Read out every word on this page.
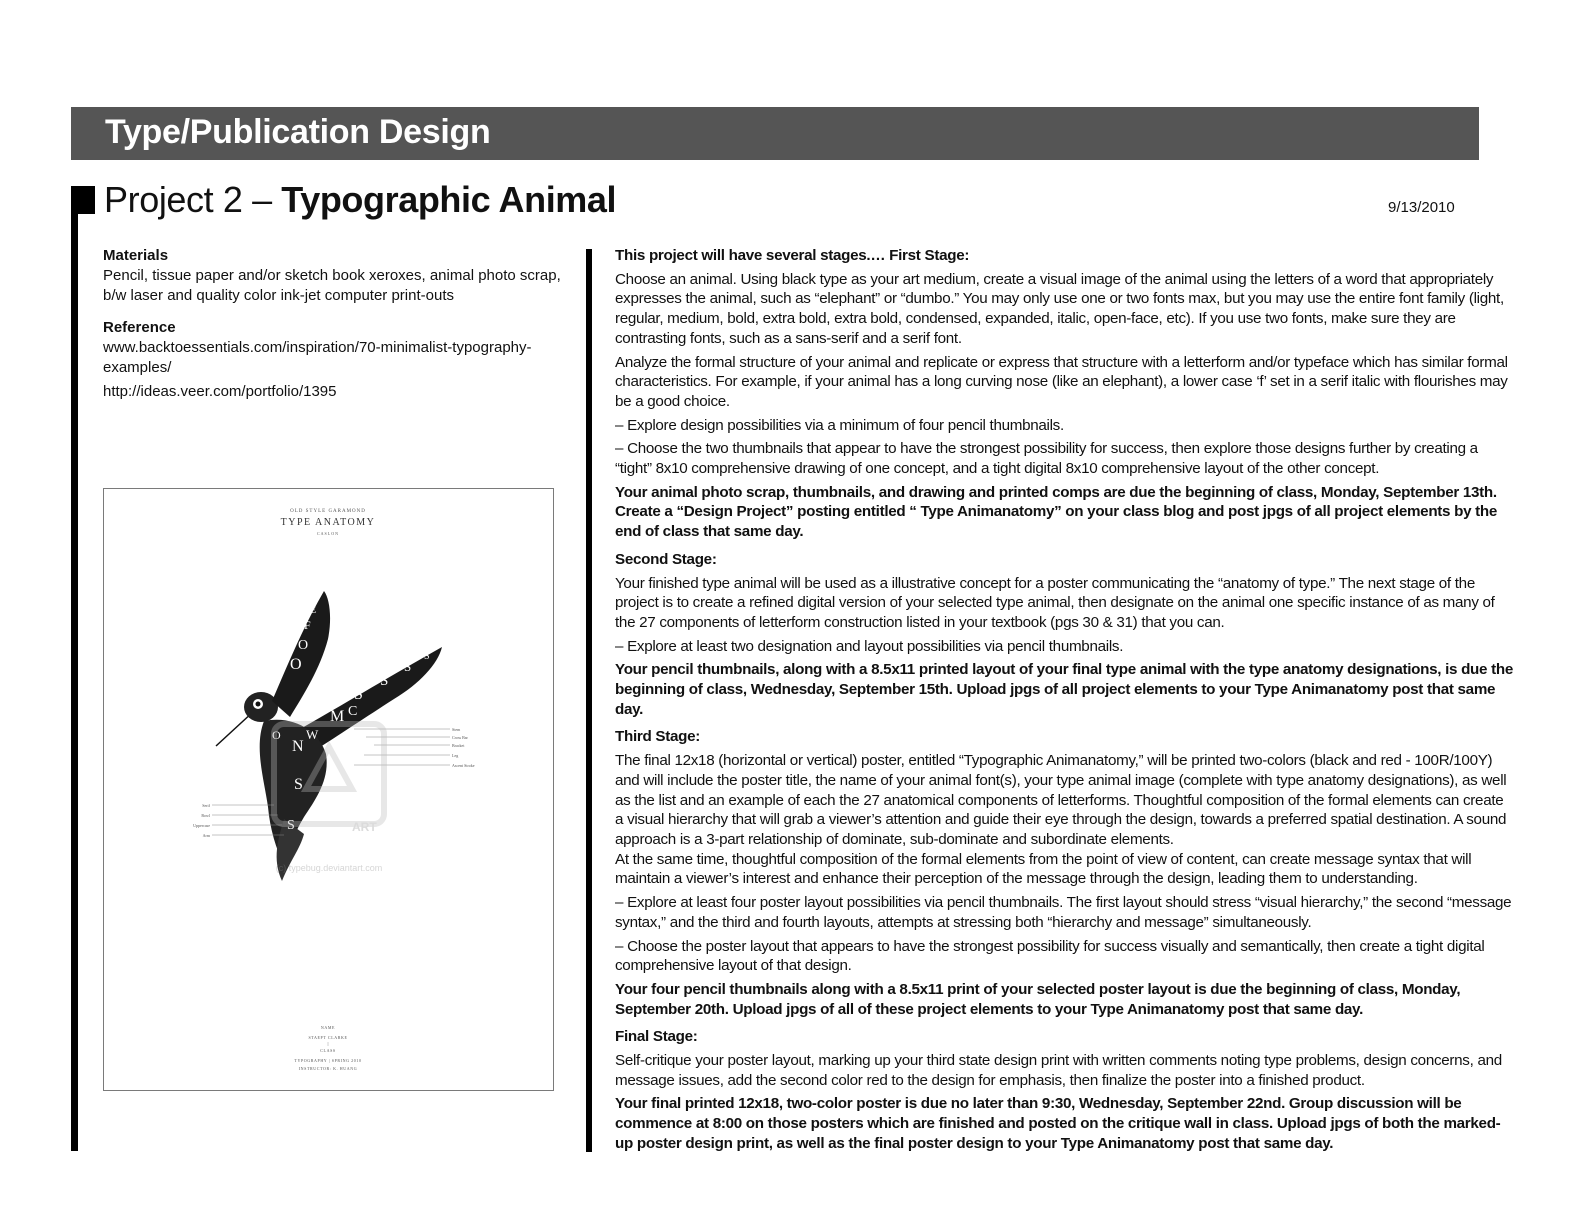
Type/Publication Design
Project 2 – Typographic Animal	9/13/2010
Materials

Pencil, tissue paper and/or sketch book xeroxes, animal photo scrap, b/w laser and quality color ink-jet computer print-outs

Reference

www.backtoessentials.com/inspiration/70-minimalist-typography-examples/

http://ideas.veer.com/portfolio/1395

OLD STYLE GARAMOND
TYPE ANATOMY
CASLON
O
O
F
E
S
S
S
S
S
M C
N
W
S
S
O	Stem
Cross Bar
Bracket
Leg
Ascent Stroke
Serif
Bowl
Uppercase
Arm
ART
(c) typebug.deviantart.com
NAME
STAEPT CLARKE
CLASS
TYPOGRAPHY | SPRING 2010
INSTRUCTOR: K. HUANG

This project will have several stages.… First Stage:

Choose an animal. Using black type as your art medium, create a visual image of the animal using the letters of a word that appropriately expresses the animal, such as “elephant” or “dumbo.” You may only use one or two fonts max, but you may use the entire font family (light, regular, medium, bold, extra bold, extra bold, condensed, expanded, italic, open-face, etc). If you use two fonts, make sure they are contrasting fonts, such as a sans-serif and a serif font.

Analyze the formal structure of your animal and replicate or express that structure with a letterform and/or typeface which has similar formal characteristics. For example, if your animal has a long curving nose (like an elephant), a lower case ‘f’ set in a serif italic with flourishes may be a good choice.

– Explore design possibilities via a minimum of four pencil thumbnails.

– Choose the two thumbnails that appear to have the strongest possibility for success, then explore those designs further by creating a “tight” 8x10 comprehensive drawing of one concept, and a tight digital 8x10 comprehensive layout of the other concept.

Your animal photo scrap, thumbnails, and drawing and printed comps are due the beginning of class, Monday, September 13th. Create a “Design Project” posting entitled “ Type Animanatomy” on your class blog and post jpgs of all project elements by the end of class that same day.

Second Stage:

Your finished type animal will be used as a illustrative concept for a poster communicating the “anatomy of type.” The next stage of the project is to create a refined digital version of your selected type animal, then designate on the animal one specific instance of as many of the 27 components of letterform construction listed in your textbook (pgs 30 & 31) that you can.

– Explore at least two designation and layout possibilities via pencil thumbnails.

Your pencil thumbnails, along with a 8.5x11 printed layout of your final type animal with the type anatomy designations, is due the beginning of class, Wednesday, September 15th. Upload jpgs of all project elements to your Type Animanatomy post that same day.

Third Stage:

The final 12x18 (horizontal or vertical) poster, entitled “Typographic Animanatomy,” will be printed two-colors (black and red - 100R/100Y) and will include the poster title, the name of your animal font(s), your type animal image (complete with type anatomy designations), as well as the list and an example of each the 27 anatomical components of letterforms. Thoughtful composition of the formal elements can create a visual hierarchy that will grab a viewer’s attention and guide their eye through the design, towards a preferred spatial destination. A sound approach is a 3-part relationship of dominate, sub-dominate and subordinate elements.

At the same time, thoughtful composition of the formal elements from the point of view of content, can create message syntax that will maintain a viewer’s interest and enhance their perception of the message through the design, leading them to understanding.

– Explore at least four poster layout possibilities via pencil thumbnails. The first layout should stress “visual hierarchy,” the second “message syntax,” and the third and fourth layouts, attempts at stressing both “hierarchy and message” simultaneously.

– Choose the poster layout that appears to have the strongest possibility for success visually and semantically, then create a tight digital comprehensive layout of that design.

Your four pencil thumbnails along with a 8.5x11 print of your selected poster layout is due the beginning of class, Monday, September 20th. Upload jpgs of all of these project elements to your Type Animanatomy post that same day.

Final Stage:

Self-critique your poster layout, marking up your third state design print with written comments noting type problems, design concerns, and message issues, add the second color red to the design for emphasis, then finalize the poster into a finished product.

Your final printed 12x18, two-color poster is due no later than 9:30, Wednesday, September 22nd. Group discussion will be commence at 8:00 on those posters which are finished and posted on the critique wall in class. Upload jpgs of both the marked-up poster design print, as well as the final poster design to your Type Animanatomy post that same day.
